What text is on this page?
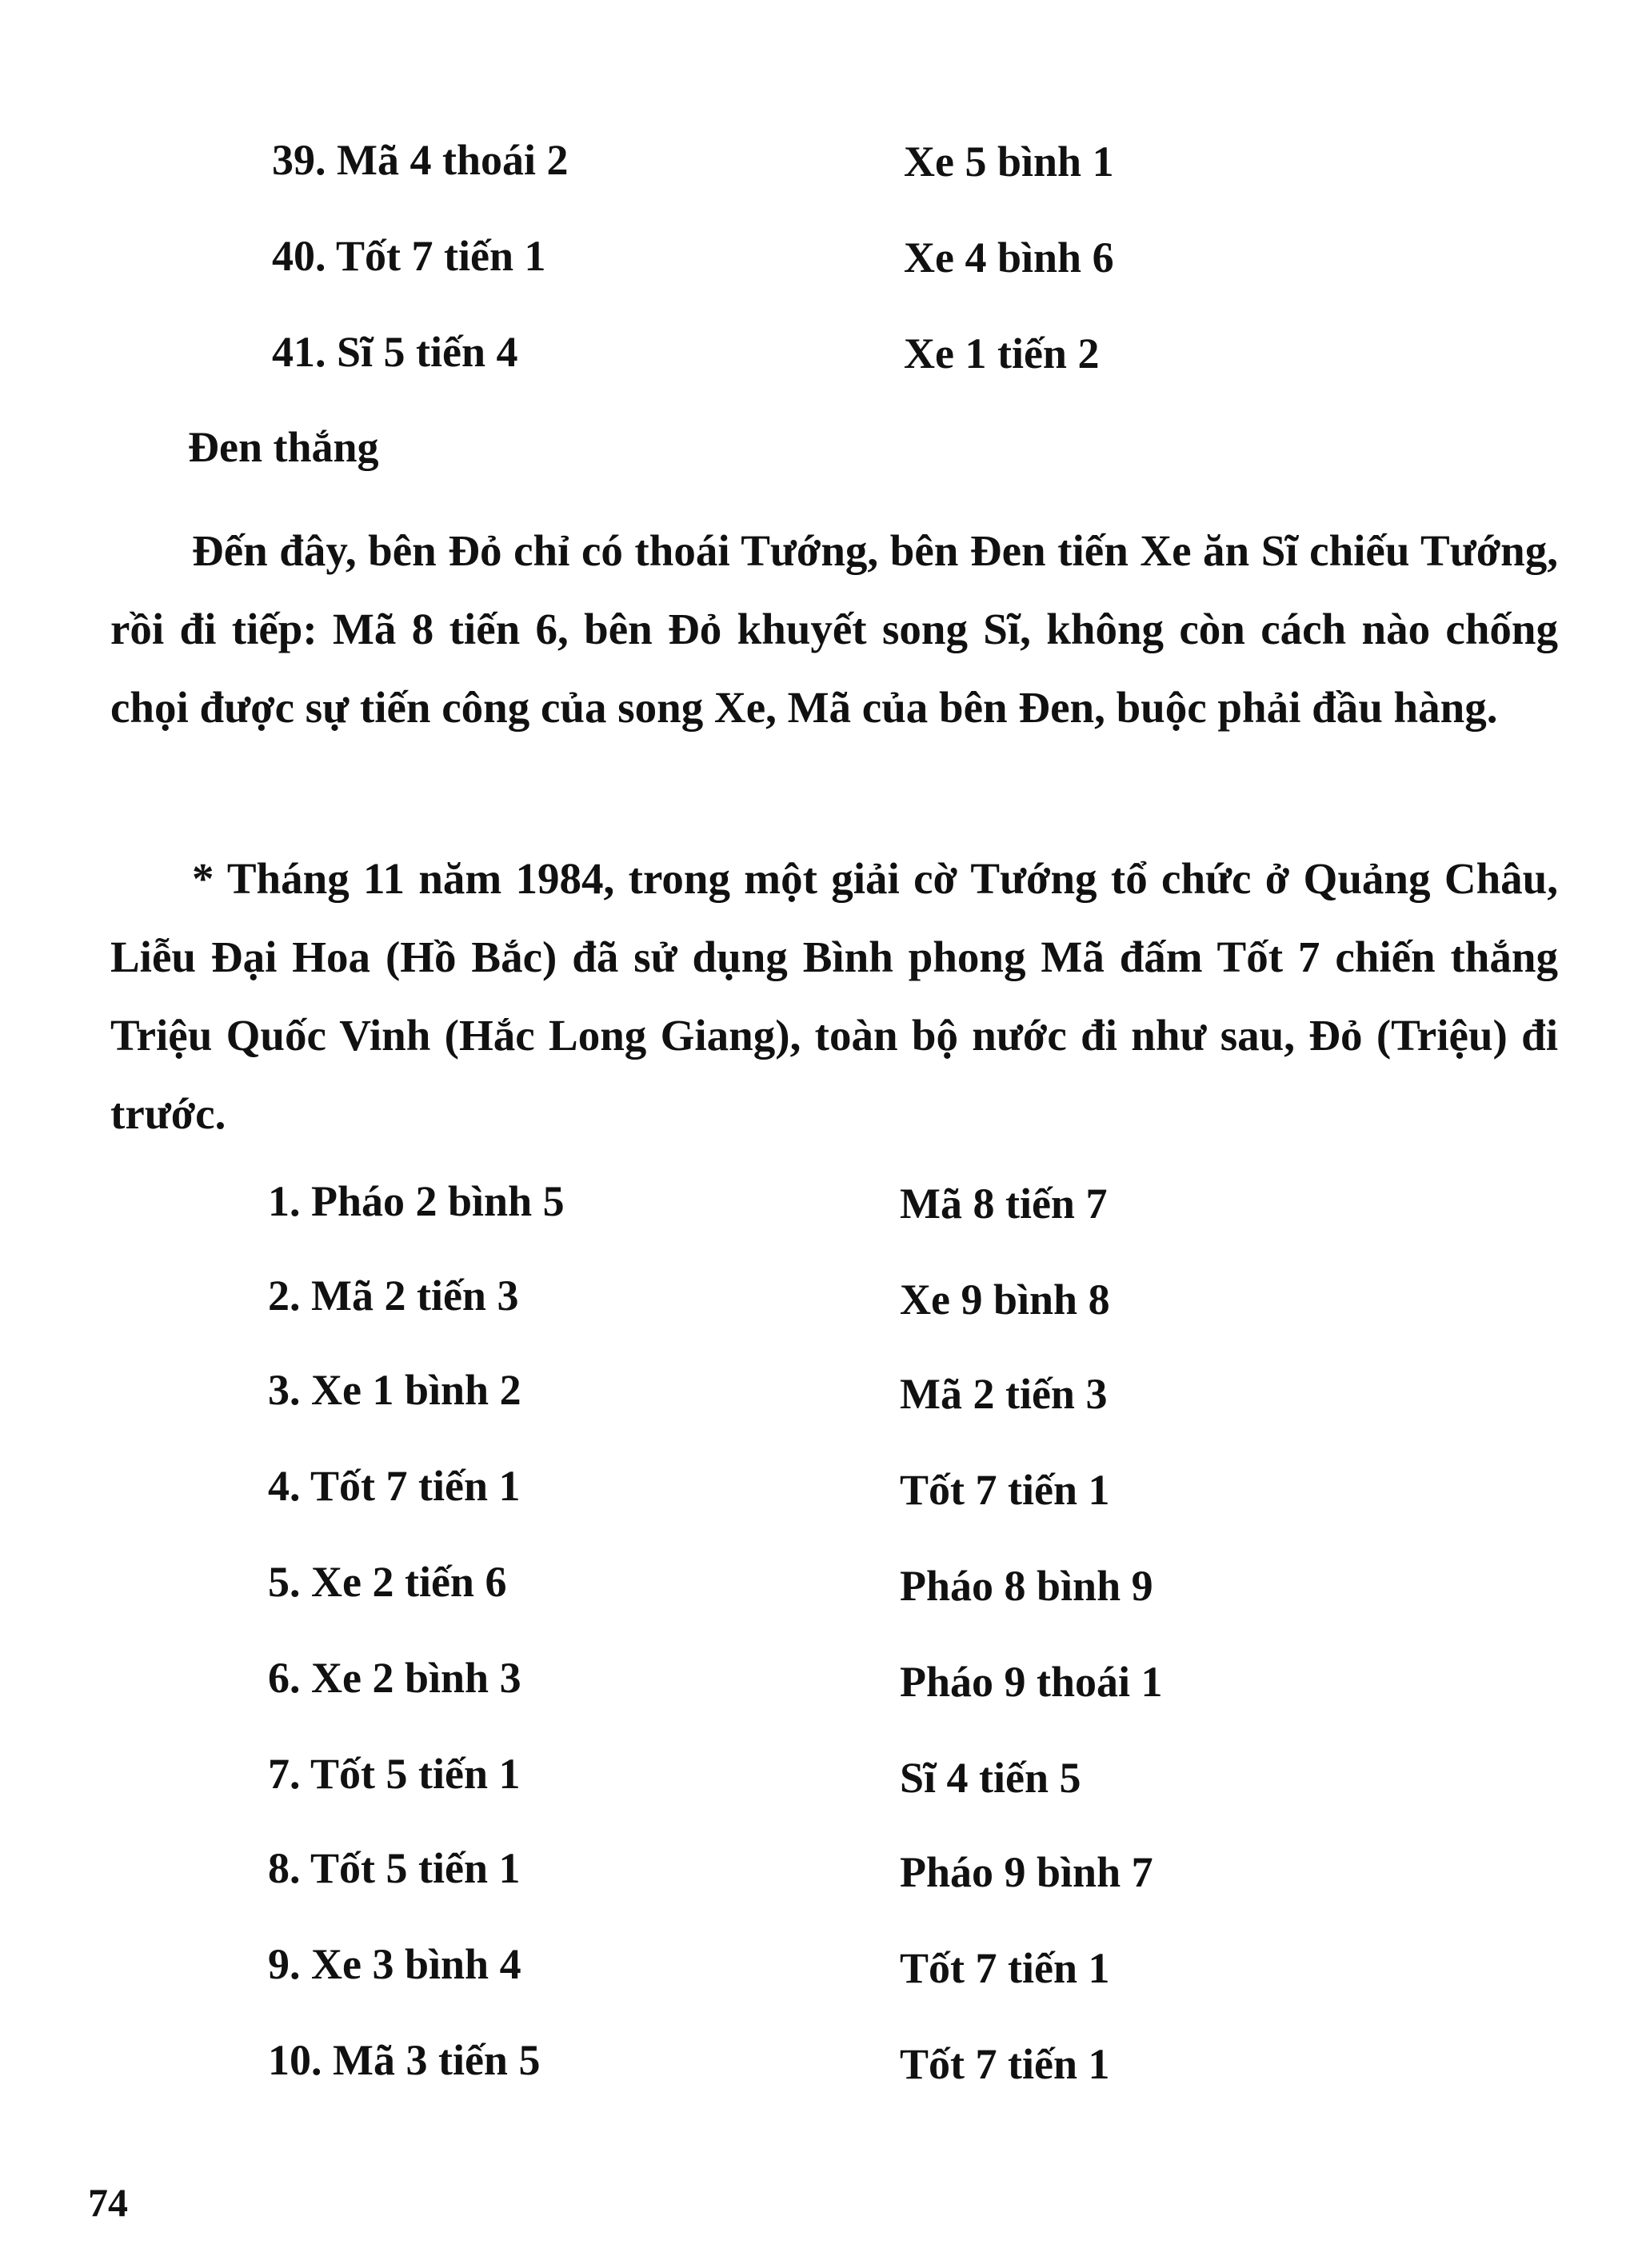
39. Mã 4 thoái 2	Xe 5 bình 1
40. Tốt 7 tiến 1	Xe 4 bình 6
41. Sĩ 5 tiến 4	Xe 1 tiến 2
Đen thắng

Đến đây, bên Đỏ chỉ có thoái Tướng, bên Đen tiến Xe ăn Sĩ chiếu Tướng, rồi đi tiếp: Mã 8 tiến 6, bên Đỏ khuyết song Sĩ, không còn cách nào chống chọi được sự tiến công của song Xe, Mã của bên Đen, buộc phải đầu hàng.

* Tháng 11 năm 1984, trong một giải cờ Tướng tổ chức ở Quảng Châu, Liễu Đại Hoa (Hồ Bắc) đã sử dụng Bình phong Mã đấm Tốt 7 chiến thắng Triệu Quốc Vinh (Hắc Long Giang), toàn bộ nước đi như sau, Đỏ (Triệu) đi trước.

1. Pháo 2 bình 5	Mã 8 tiến 7
2. Mã 2 tiến 3	Xe 9 bình 8
3. Xe 1 bình 2	Mã 2 tiến 3
4. Tốt 7 tiến 1	Tốt 7 tiến 1
5. Xe 2 tiến 6	Pháo 8 bình 9
6. Xe 2 bình 3	Pháo 9 thoái 1
7. Tốt 5 tiến 1	Sĩ 4 tiến 5
8. Tốt 5 tiến 1	Pháo 9 bình 7
9. Xe 3 bình 4	Tốt 7 tiến 1
10. Mã 3 tiến 5	Tốt 7 tiến 1
74
